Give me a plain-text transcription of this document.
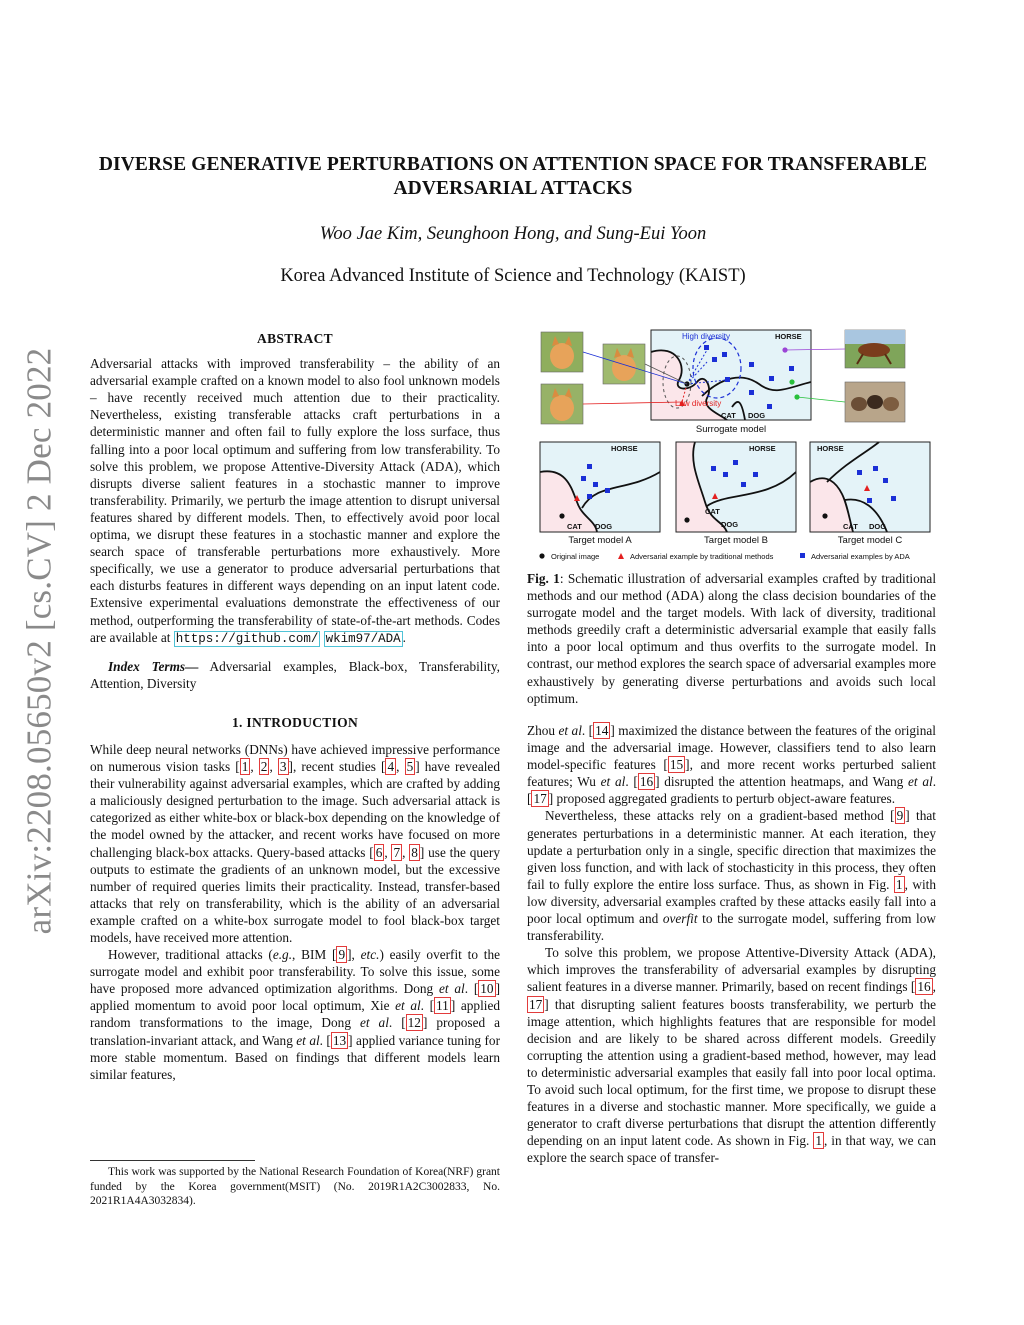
arXiv:2208.05650v2 [cs.CV] 2 Dec 2022
DIVERSE GENERATIVE PERTURBATIONS ON ATTENTION SPACE FOR TRANSFERABLE
ADVERSARIAL ATTACKS
Woo Jae Kim, Seunghoon Hong, and Sung-Eui Yoon
Korea Advanced Institute of Science and Technology (KAIST)
ABSTRACT

Adversarial attacks with improved transferability – the ability of an adversarial example crafted on a known model to also fool unknown models – have recently received much attention due to their practicality. Nevertheless, existing transferable attacks craft perturbations in a deterministic manner and often fail to fully explore the loss surface, thus falling into a poor local optimum and suffering from low transferability. To solve this problem, we propose Attentive-Diversity Attack (ADA), which disrupts diverse salient features in a stochastic manner to improve transferability. Primarily, we perturb the image attention to disrupt universal features shared by different models. Then, to effectively avoid poor local optima, we disrupt these features in a stochastic manner and explore the search space of transferable perturbations more exhaustively. More specifically, we use a generator to produce adversarial perturbations that each disturbs features in different ways depending on an input latent code. Extensive experimental evaluations demonstrate the effectiveness of our method, outperforming the transferability of state-of-the-art methods. Codes are available at https://github.com/ wkim97/ADA .

Index Terms— Adversarial examples, Black-box, Transferability, Attention, Diversity

1. INTRODUCTION

While deep neural networks (DNNs) have achieved impressive performance on numerous vision tasks [ 1 , 2 , 3 ], recent studies [ 4 , 5 ] have revealed their vulnerability against adversarial examples, which are crafted by adding a maliciously designed perturbation to the image. Such adversarial attack is categorized as either white-box or black-box depending on the knowledge of the model owned by the attacker, and recent works have focused on more challenging black-box attacks. Query-based attacks [ 6 , 7 , 8 ] use the query outputs to estimate the gradients of an unknown model, but the excessive number of required queries limits their practicality. Instead, transfer-based attacks that rely on transferability, which is the ability of an adversarial example crafted on a white-box surrogate model to fool black-box target models, have received more attention.

However, traditional attacks (e.g., BIM [ 9 ], etc.) easily overfit to the surrogate model and exhibit poor transferability. To solve this issue, some have proposed more advanced optimization algorithms. Dong et al. [ 10 ] applied momentum to avoid poor local optimum, Xie et al. [ 11 ] applied random transformations to the image, Dong et al. [ 12 ] proposed a translation-invariant attack, and Wang et al. [ 13 ] applied variance tuning for more stable momentum. Based on findings that different models learn similar features,

This work was supported by the National Research Foundation of Korea(NRF) grant funded by the Korea government(MSIT) (No. 2019R1A2C3002833, No. 2021R1A4A3032834).

High diversity
Low diversity
HORSE
CAT DOG
Surrogate model
HORSE
CAT DOG
Target model A
HORSE
CAT
DOG
Target model B
HORSE
CAT DOG
Target model C
Original image	Adversarial example by traditional methods	Adversarial examples by ADA

Fig. 1: Schematic illustration of adversarial examples crafted by traditional methods and our method (ADA) along the class decision boundaries of the surrogate model and the target models. With lack of diversity, traditional methods greedily craft a deterministic adversarial example that easily falls into a poor local optimum and thus overfits to the surrogate model. In contrast, our method explores the search space of adversarial examples more exhaustively by generating diverse perturbations and avoids such local optimum.

Zhou et al. [ 14 ] maximized the distance between the features of the original image and the adversarial image. However, classifiers tend to also learn model-specific features [ 15 ], and more recent works perturbed salient features; Wu et al. [ 16 ] disrupted the attention heatmaps, and Wang et al. [ 17 ] proposed aggregated gradients to perturb object-aware features.

Nevertheless, these attacks rely on a gradient-based method [ 9 ] that generates perturbations in a deterministic manner. At each iteration, they update a perturbation only in a single, specific direction that maximizes the given loss function, and with lack of stochasticity in this process, they often fail to fully explore the entire loss surface. Thus, as shown in Fig. 1 , with low diversity, adversarial examples crafted by these attacks easily fall into a poor local optimum and overfit to the surrogate model, suffering from low transferability.

To solve this problem, we propose Attentive-Diversity Attack (ADA), which improves the transferability of adversarial examples by disrupting salient features in a diverse manner. Primarily, based on recent findings [ 16 , 17 ] that disrupting salient features boosts transferability, we perturb the image attention, which highlights features that are responsible for model decision and are likely to be shared across different models. Greedily corrupting the attention using a gradient-based method, however, may lead to deterministic adversarial examples that easily fall into poor local optima. To avoid such local optimum, for the first time, we propose to disrupt these features in a diverse and stochastic manner. More specifically, we guide a generator to craft diverse perturbations that disrupt the attention differently depending on an input latent code. As shown in Fig. 1 , in that way, we can explore the search space of transfer-
